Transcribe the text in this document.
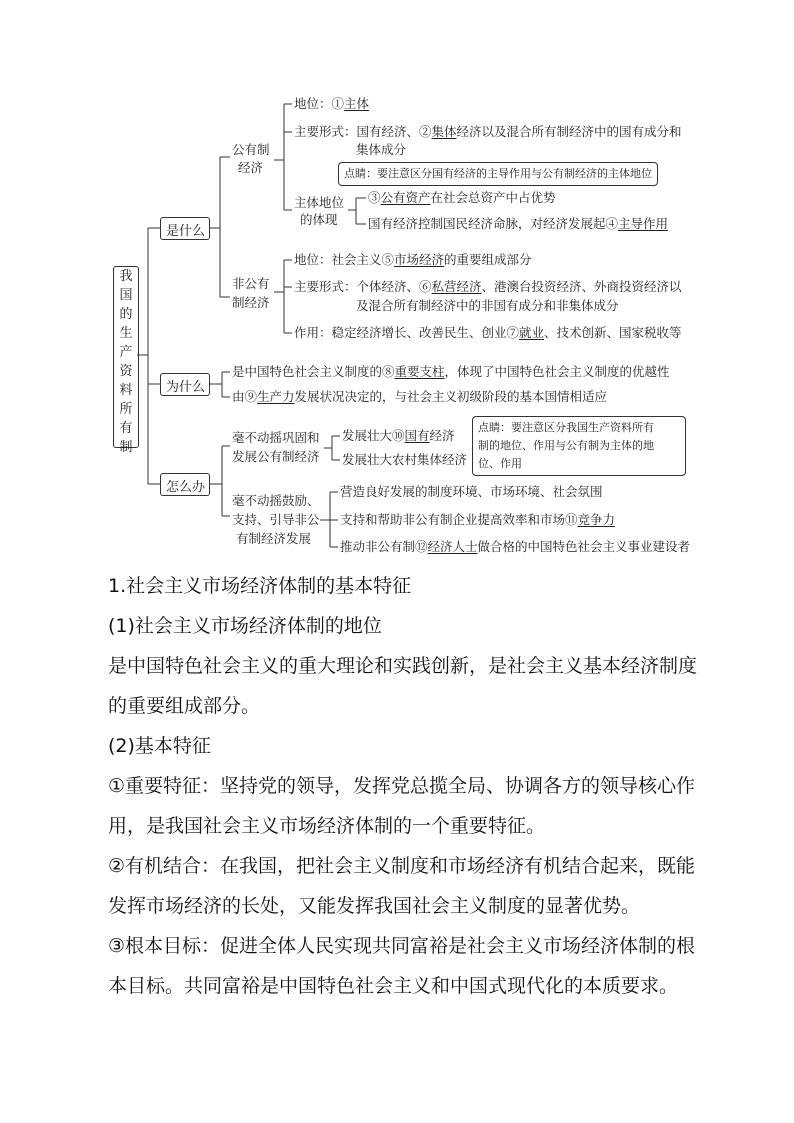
我
国
的
生
产
资
料
所
有
制
是什么
为什么
怎么办
公有制
经济
地位：①主体
主要形式：国有经济、②集体经济以及混合所有制经济中的国有成分和
集体成分
点睛：要注意区分国有经济的主导作用与公有制经济的主体地位
主体地位
的体现
③公有资产在社会总资产中占优势
国有经济控制国民经济命脉，对经济发展起④主导作用
非公有
制经济
地位：社会主义⑤市场经济的重要组成部分
主要形式：个体经济、⑥私营经济、港澳台投资经济、外商投资经济以
及混合所有制经济中的非国有成分和非集体成分
作用：稳定经济增长、改善民生、创业⑦就业、技术创新、国家税收等
是中国特色社会主义制度的⑧重要支柱，体现了中国特色社会主义制度的优越性
由⑨生产力发展状况决定的，与社会主义初级阶段的基本国情相适应
毫不动摇巩固和
发展公有制经济
发展壮大⑩国有经济
发展壮大农村集体经济
点睛：要注意区分我国生产资料所有
制的地位、作用与公有制为主体的地
位、作用
毫不动摇鼓励、
支持、引导非公
有制经济发展
营造良好发展的制度环境、市场环境、社会氛围
支持和帮助非公有制企业提高效率和市场⑪竞争力
推动非公有制⑫经济人士做合格的中国特色社会主义事业建设者

1.社会主义市场经济体制的基本特征

(1)社会主义市场经济体制的地位

是中国特色社会主义的重大理论和实践创新，是社会主义基本经济制度

的重要组成部分。

(2)基本特征

①重要特征：坚持党的领导，发挥党总揽全局、协调各方的领导核心作

用，是我国社会主义市场经济体制的一个重要特征。

②有机结合：在我国，把社会主义制度和市场经济有机结合起来，既能

发挥市场经济的长处，又能发挥我国社会主义制度的显著优势。

③根本目标：促进全体人民实现共同富裕是社会主义市场经济体制的根

本目标。共同富裕是中国特色社会主义和中国式现代化的本质要求。
